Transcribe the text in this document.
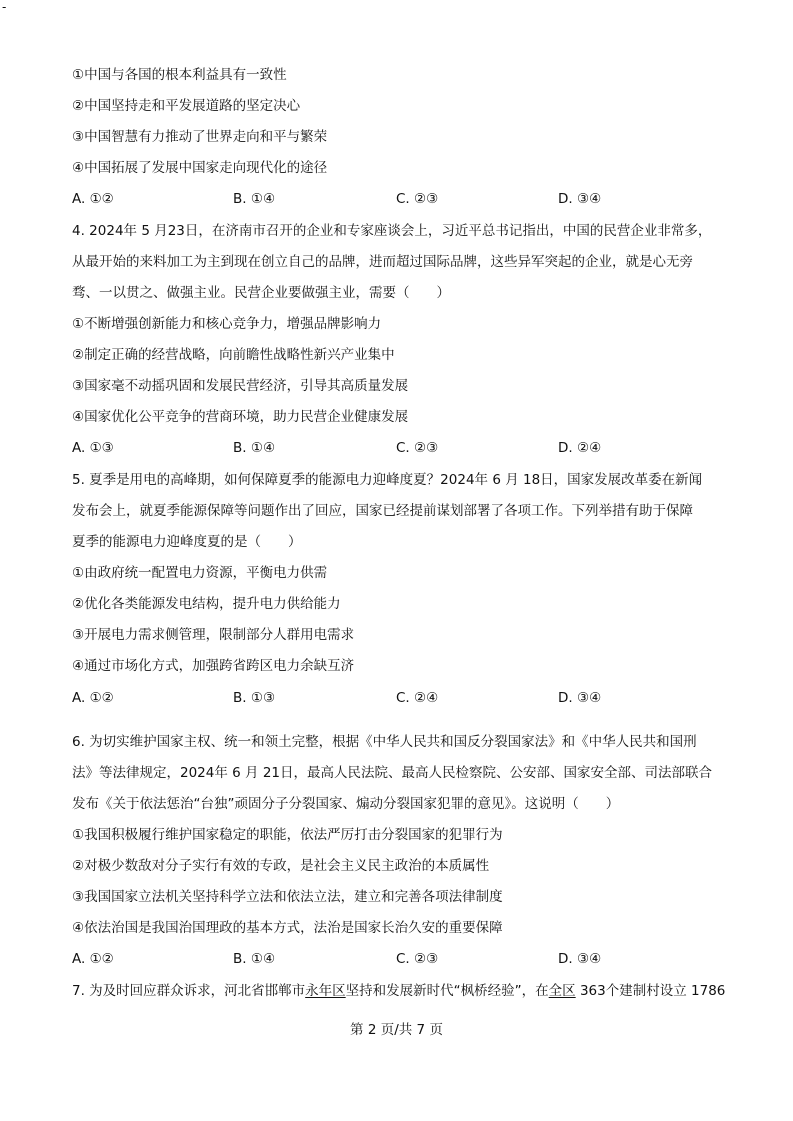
-
①中国与各国的根本利益具有一致性
②中国坚持走和平发展道路的坚定决心
③中国智慧有力推动了世界走向和平与繁荣
④中国拓展了发展中国家走向现代化的途径
A. ①②	B. ①④	C. ②③	D. ③④
4. 2024年 5 月23日，在济南市召开的企业和专家座谈会上，习近平总书记指出，中国的民营企业非常多，
从最开始的来料加工为主到现在创立自己的品牌，进而超过国际品牌，这些异军突起的企业，就是心无旁
骛、一以贯之、做强主业。民营企业要做强主业，需要（　　）
①不断增强创新能力和核心竞争力，增强品牌影响力
②制定正确的经营战略，向前瞻性战略性新兴产业集中
③国家毫不动摇巩固和发展民营经济，引导其高质量发展
④国家优化公平竞争的营商环境，助力民营企业健康发展
A. ①③	B. ①④	C. ②③	D. ②④
5. 夏季是用电的高峰期，如何保障夏季的能源电力迎峰度夏？2024年 6 月 18日，国家发展改革委在新闻
发布会上，就夏季能源保障等问题作出了回应，国家已经提前谋划部署了各项工作。下列举措有助于保障
夏季的能源电力迎峰度夏的是（　　）
①由政府统一配置电力资源，平衡电力供需
②优化各类能源发电结构，提升电力供给能力
③开展电力需求侧管理，限制部分人群用电需求
④通过市场化方式，加强跨省跨区电力余缺互济
A. ①②	B. ①③	C. ②④	D. ③④
6. 为切实维护国家主权、统一和领土完整，根据《中华人民共和国反分裂国家法》和《中华人民共和国刑
法》等法律规定，2024年 6 月 21日，最高人民法院、最高人民检察院、公安部、国家安全部、司法部联合
发布《关于依法惩治“台独”顽固分子分裂国家、煽动分裂国家犯罪的意见》。这说明（　　）
①我国积极履行维护国家稳定的职能，依法严厉打击分裂国家的犯罪行为
②对极少数敌对分子实行有效的专政，是社会主义民主政治的本质属性
③我国国家立法机关坚持科学立法和依法立法，建立和完善各项法律制度
④依法治国是我国治国理政的基本方式，法治是国家长治久安的重要保障
A. ①②	B. ①④	C. ②③	D. ③④
7. 为及时回应群众诉求，河北省邯郸市永年区坚持和发展新时代“枫桥经验”，在全区 363个建制村设立 1786
第 2 页/共 7 页
